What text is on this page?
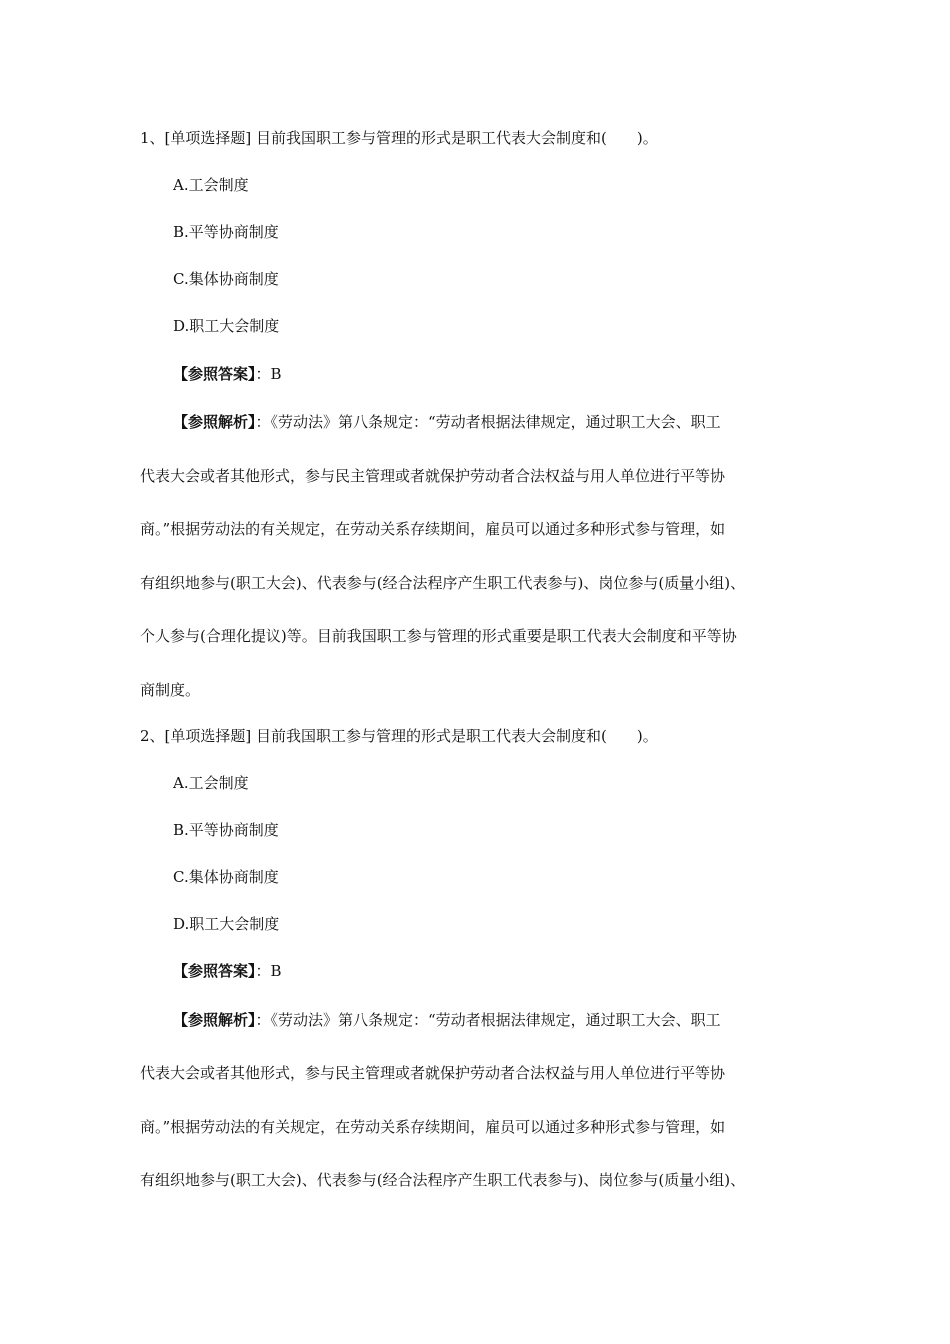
1、[单项选择题] 目前我国职工参与管理的形式是职工代表大会制度和(　　)。
A.工会制度
B.平等协商制度
C.集体协商制度
D.职工大会制度
【参照答案】：B
【参照解析】：《劳动法》第八条规定：“劳动者根据法律规定，通过职工大会、职工
代表大会或者其他形式，参与民主管理或者就保护劳动者合法权益与用人单位进行平等协
商。”根据劳动法的有关规定，在劳动关系存续期间，雇员可以通过多种形式参与管理，如
有组织地参与(职工大会)、代表参与(经合法程序产生职工代表参与)、岗位参与(质量小组)、
个人参与(合理化提议)等。目前我国职工参与管理的形式重要是职工代表大会制度和平等协
商制度。
2、[单项选择题] 目前我国职工参与管理的形式是职工代表大会制度和(　　)。
A.工会制度
B.平等协商制度
C.集体协商制度
D.职工大会制度
【参照答案】：B
【参照解析】：《劳动法》第八条规定：“劳动者根据法律规定，通过职工大会、职工
代表大会或者其他形式，参与民主管理或者就保护劳动者合法权益与用人单位进行平等协
商。”根据劳动法的有关规定，在劳动关系存续期间，雇员可以通过多种形式参与管理，如
有组织地参与(职工大会)、代表参与(经合法程序产生职工代表参与)、岗位参与(质量小组)、
